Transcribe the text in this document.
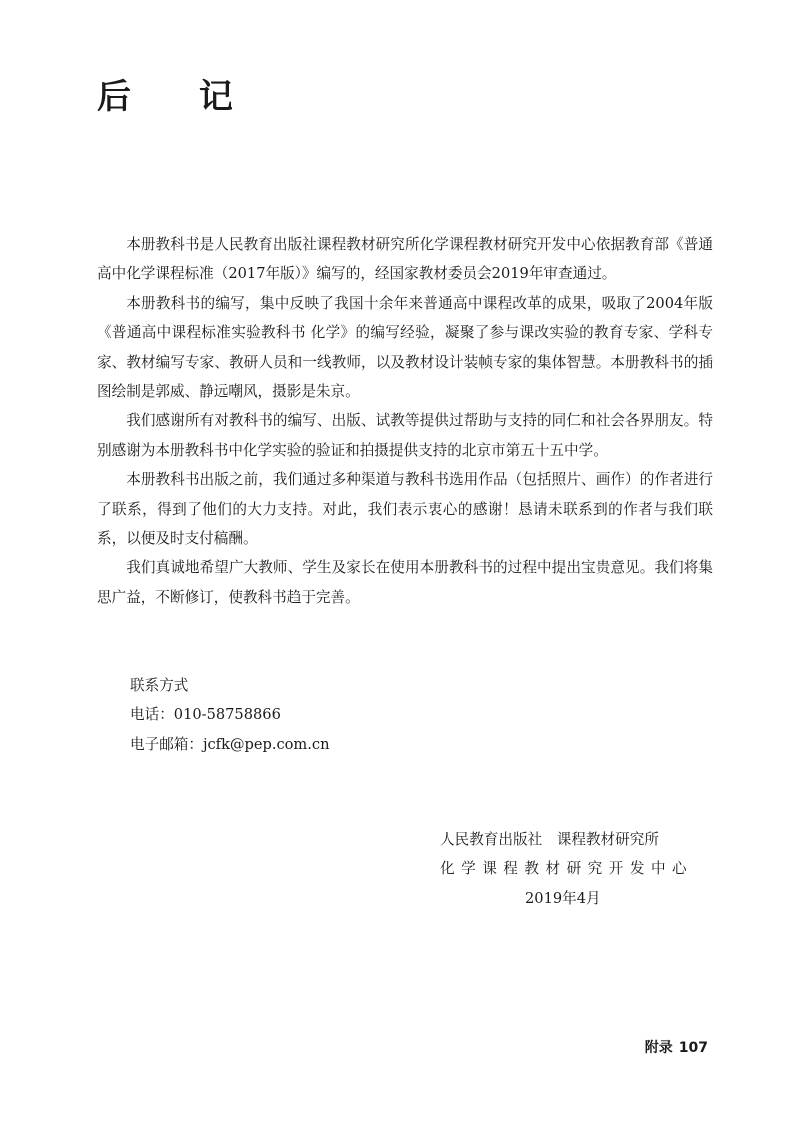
后 记

本册教科书是人民教育出版社课程教材研究所化学课程教材研究开发中心依据教育部《普通高中化学课程标准（2017年版）》编写的，经国家教材委员会2019年审查通过。

本册教科书的编写，集中反映了我国十余年来普通高中课程改革的成果，吸取了2004年版《普通高中课程标准实验教科书 化学》的编写经验，凝聚了参与课改实验的教育专家、学科专家、教材编写专家、教研人员和一线教师，以及教材设计装帧专家的集体智慧。本册教科书的插图绘制是郭威、静远嘲风，摄影是朱京。

我们感谢所有对教科书的编写、出版、试教等提供过帮助与支持的同仁和社会各界朋友。特别感谢为本册教科书中化学实验的验证和拍摄提供支持的北京市第五十五中学。

本册教科书出版之前，我们通过多种渠道与教科书选用作品（包括照片、画作）的作者进行了联系，得到了他们的大力支持。对此，我们表示衷心的感谢！恳请未联系到的作者与我们联系，以便及时支付稿酬。

我们真诚地希望广大教师、学生及家长在使用本册教科书的过程中提出宝贵意见。我们将集思广益，不断修订，使教科书趋于完善。

联系方式
电话：010-58758866
电子邮箱：jcfk@pep.com.cn
人民教育出版社　课程教材研究所
化学课程教材研究开发中心
2019年4月
附录 107
